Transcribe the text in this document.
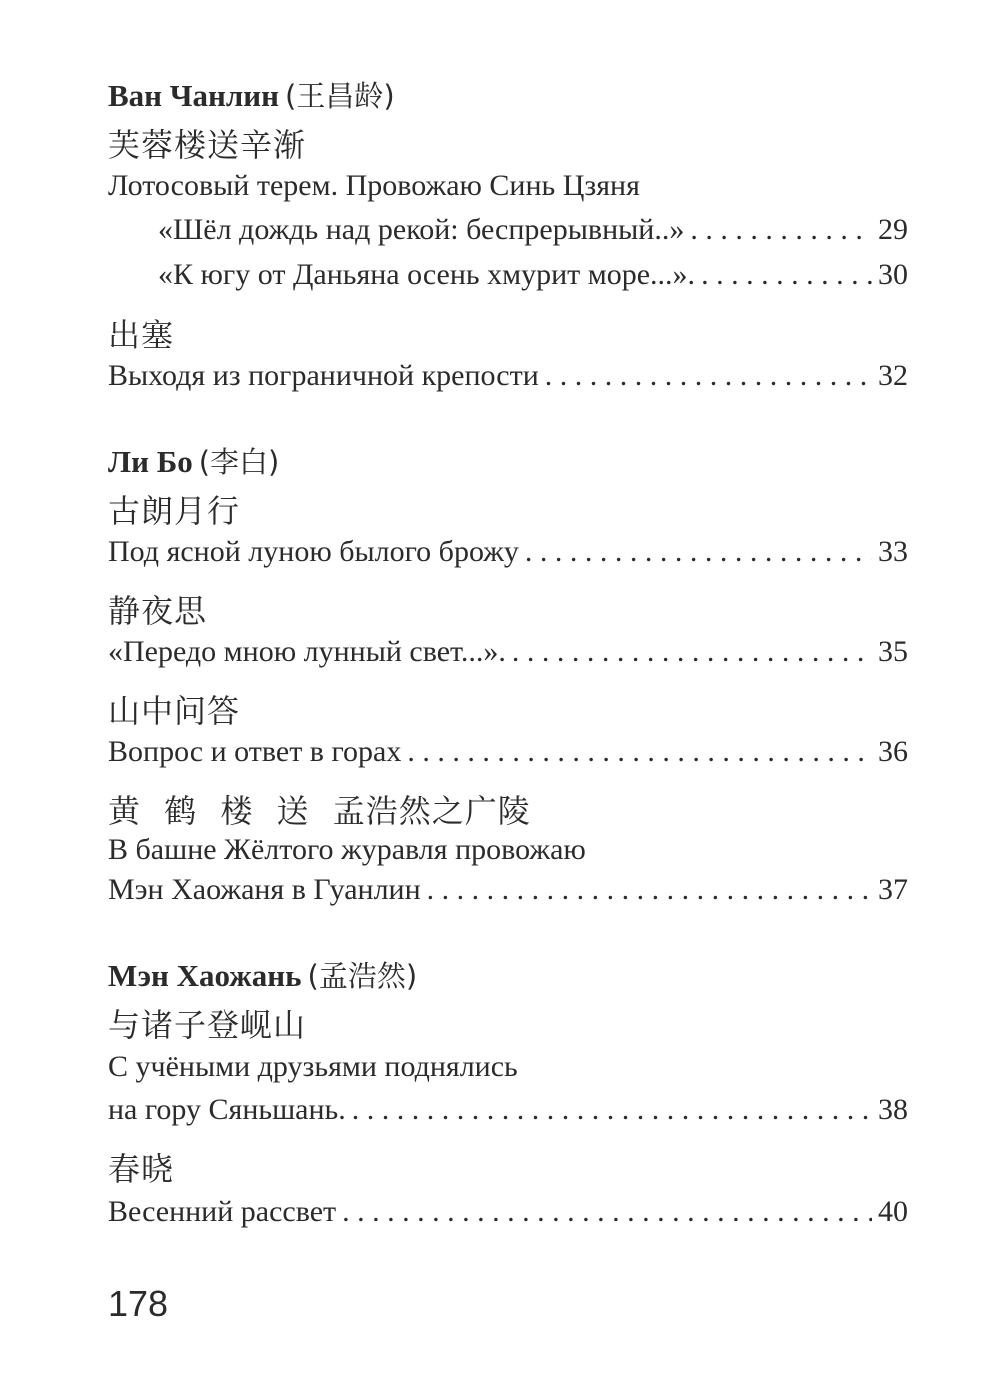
Ван Чанлин (王昌龄)
芙蓉楼送辛渐
Лотосовый терем. Провожаю Синь Цзяня
«Шёл дождь над рекой: беспрерывный..» . . .	29
«К югу от Даньяна осень хмурит море...». . . .	30
出塞
Выходя из пограничной крепости . . .	32
Ли Бо (李白)
古朗月行
Под ясной луною былого брожу . . .	33
静夜思
«Передо мною лунный свет...». . . .	35
山中问答
Вопрос и ответ в горах . . .	36
黄 鹤 楼 送 孟浩然之广陵
В башне Жёлтого журавля провожаю
Мэн Хаожаня в Гуанлин . . .	37
Мэн Хаожань (孟浩然)
与诸子登岘山
С учёными друзьями поднялись
на гору Сяньшань. . . .	38
春晓
Весенний рассвет . . .	40
178
